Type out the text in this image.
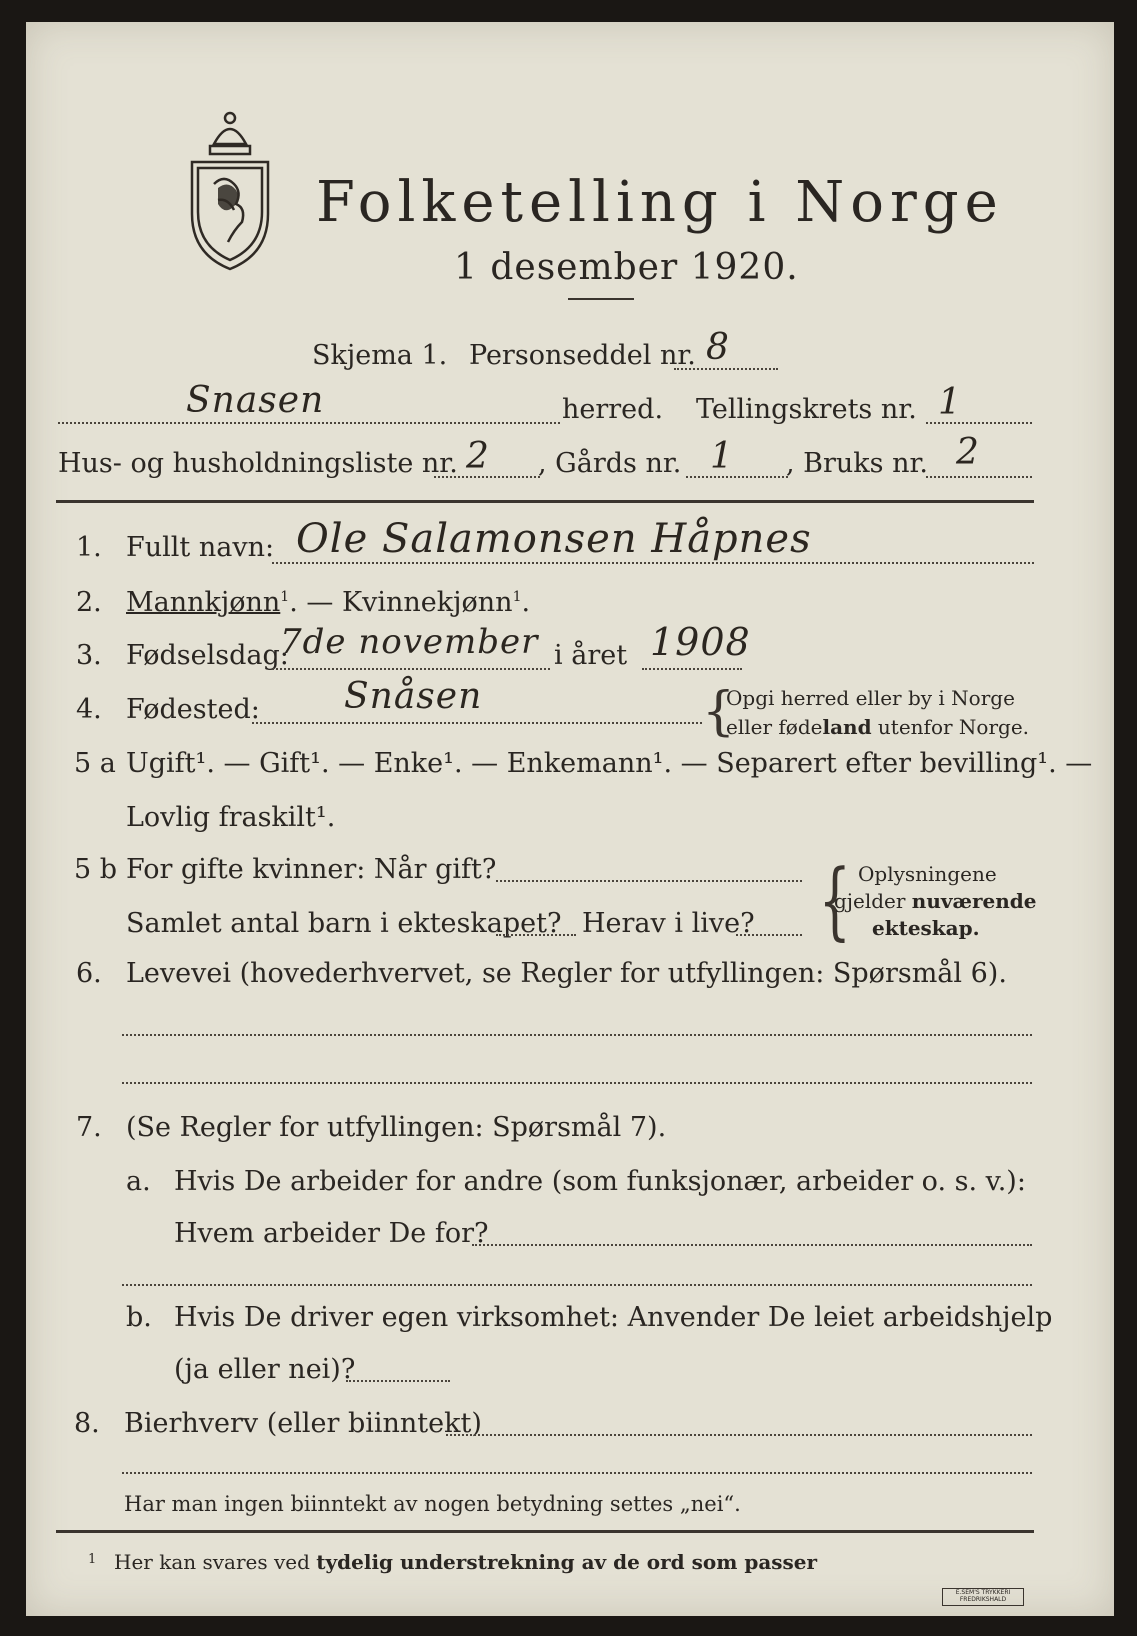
Folketelling i Norge
1 desember 1920.
Skjema 1. Personseddel nr. 8
Snasen	herred. Tellingskrets nr. 1
Hus- og husholdningsliste nr. 2 , Gårds nr. 1 , Bruks nr. 2
1. Fullt navn: Ole Salamonsen Håpnes
2. Mannkjønn$^1$. — Kvinnekjønn$^1$.
3. Fødselsdag:
7de november i året 1908
4. Fødested: Snåsen	{
Opgi herred eller by i Norge
eller fødeland utenfor Norge.
5 a Ugift¹. — Gift¹. — Enke¹. — Enkemann¹. — Separert efter bevilling¹. —
Lovlig fraskilt¹.
5 b For gifte kvinner: Når gift?
Samlet antal barn i ekteskapet? Herav i live? { Oplysningene
gjelder nuværende
ekteskap.
6. Levevei (hovederhvervet, se Regler for utfyllingen: Spørsmål 6).
7. (Se Regler for utfyllingen: Spørsmål 7).
a. Hvis De arbeider for andre (som funksjonær, arbeider o. s. v.):
Hvem arbeider De for?
b. Hvis De driver egen virksomhet: Anvender De leiet arbeidshjelp
(ja eller nei)?
8. Bierhverv (eller biinntekt)
Har man ingen biinntekt av nogen betydning settes „nei“.
1 Her kan svares ved tydelig understrekning av de ord som passer
E.SEM'S TRYKKERI FREDRIKSHALD
